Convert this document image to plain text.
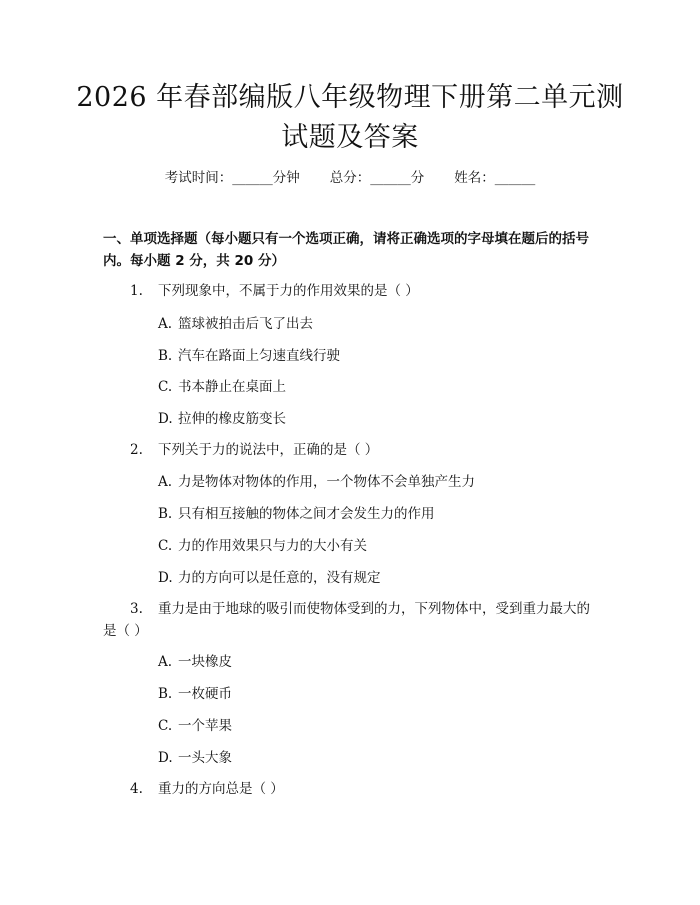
2026 年春部编版八年级物理下册第二单元测
试题及答案
考试时间：______分钟 总分：______分 姓名：______
一、单项选择题（每小题只有一个选项正确，请将正确选项的字母填在题后的括号内。每小题 2 分，共 20 分）
1. 下列现象中，不属于力的作用效果的是（ ）
A. 篮球被拍击后飞了出去
B. 汽车在路面上匀速直线行驶
C. 书本静止在桌面上
D. 拉伸的橡皮筋变长
2. 下列关于力的说法中，正确的是（ ）
A. 力是物体对物体的作用，一个物体不会单独产生力
B. 只有相互接触的物体之间才会发生力的作用
C. 力的作用效果只与力的大小有关
D. 力的方向可以是任意的，没有规定
3. 重力是由于地球的吸引而使物体受到的力，下列物体中，受到重力最大的是（ ）
A. 一块橡皮
B. 一枚硬币
C. 一个苹果
D. 一头大象
4. 重力的方向总是（ ）
